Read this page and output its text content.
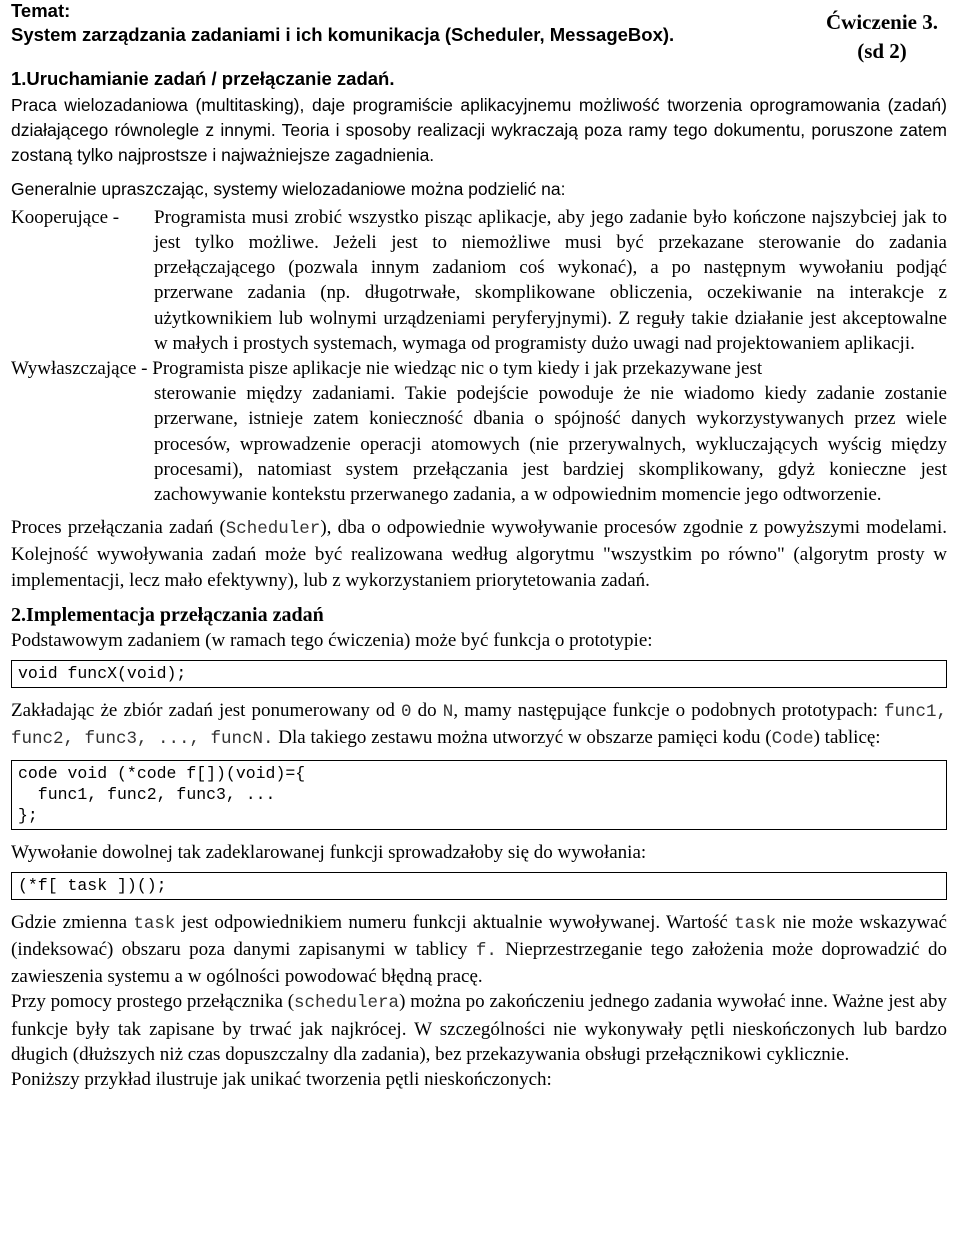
Temat:
System zarządzania zadaniami i ich komunikacja (Scheduler, MessageBox).
Ćwiczenie 3.
(sd 2)
1.Uruchamianie zadań / przełączanie zadań.

Praca wielozadaniowa (multitasking), daje programiście aplikacyjnemu możliwość tworzenia oprogramowania (zadań) działającego równolegle z innymi. Teoria i sposoby realizacji wykraczają poza ramy tego dokumentu, poruszone zatem zostaną tylko najprostsze i najważniejsze zagadnienia.

Generalnie upraszczając, systemy wielozadaniowe można podzielić na:

Kooperujące -	Programista musi zrobić wszystko pisząc aplikacje, aby jego zadanie było kończone najszybciej jak to jest tylko możliwe. Jeżeli jest to niemożliwe musi być przekazane sterowanie do zadania przełączającego (pozwala innym zadaniom coś wykonać), a po następnym wywołaniu podjąć przerwane zadania (np. długotrwałe, skomplikowane obliczenia, oczekiwanie na interakcje z użytkownikiem lub wolnymi urządzeniami peryferyjnymi). Z reguły takie działanie jest akceptowalne w małych i prostych systemach, wymaga od programisty dużo uwagi nad projektowaniem aplikacji.

Wywłaszczające - Programista pisze aplikacje nie wiedząc nic o tym kiedy i jak przekazywane jest

sterowanie między zadaniami. Takie podejście powoduje że nie wiadomo kiedy zadanie zostanie przerwane, istnieje zatem konieczność dbania o spójność danych wykorzystywanych przez wiele procesów, wprowadzenie operacji atomowych (nie przerywalnych, wykluczających wyścig między procesami), natomiast system przełączania jest bardziej skomplikowany, gdyż konieczne jest zachowywanie kontekstu przerwanego zadania, a w odpowiednim momencie jego odtworzenie.

Proces przełączania zadań (Scheduler), dba o odpowiednie wywoływanie procesów zgodnie z powyższymi modelami. Kolejność wywoływania zadań może być realizowana według algorytmu "wszystkim po równo" (algorytm prosty w implementacji, lecz mało efektywny), lub z wykorzystaniem priorytetowania zadań.

2.Implementacja przełączania zadań

Podstawowym zadaniem (w ramach tego ćwiczenia) może być funkcja o prototypie:

void funcX(void);

Zakładając że zbiór zadań jest ponumerowany od 0 do N, mamy następujące funkcje o podobnych prototypach: func1, func2, func3, ..., funcN. Dla takiego zestawu można utworzyć w obszarze pamięci kodu (Code) tablicę:

code void (*code f[])(void)={
func1, func2, func3, ...
};

Wywołanie dowolnej tak zadeklarowanej funkcji sprowadzałoby się do wywołania:

(*f[ task ])();

Gdzie zmienna task jest odpowiednikiem numeru funkcji aktualnie wywoływanej. Wartość task nie może wskazywać (indeksować) obszaru poza danymi zapisanymi w tablicy f. Nieprzestrzeganie tego założenia może doprowadzić do zawieszenia systemu a w ogólności powodować błędną pracę.

Przy pomocy prostego przełącznika (schedulera) można po zakończeniu jednego zadania wywołać inne. Ważne jest aby funkcje były tak zapisane by trwać jak najkrócej. W szczególności nie wykonywały pętli nieskończonych lub bardzo długich (dłuższych niż czas dopuszczalny dla zadania), bez przekazywania obsługi przełącznikowi cyklicznie.

Poniższy przykład ilustruje jak unikać tworzenia pętli nieskończonych:
